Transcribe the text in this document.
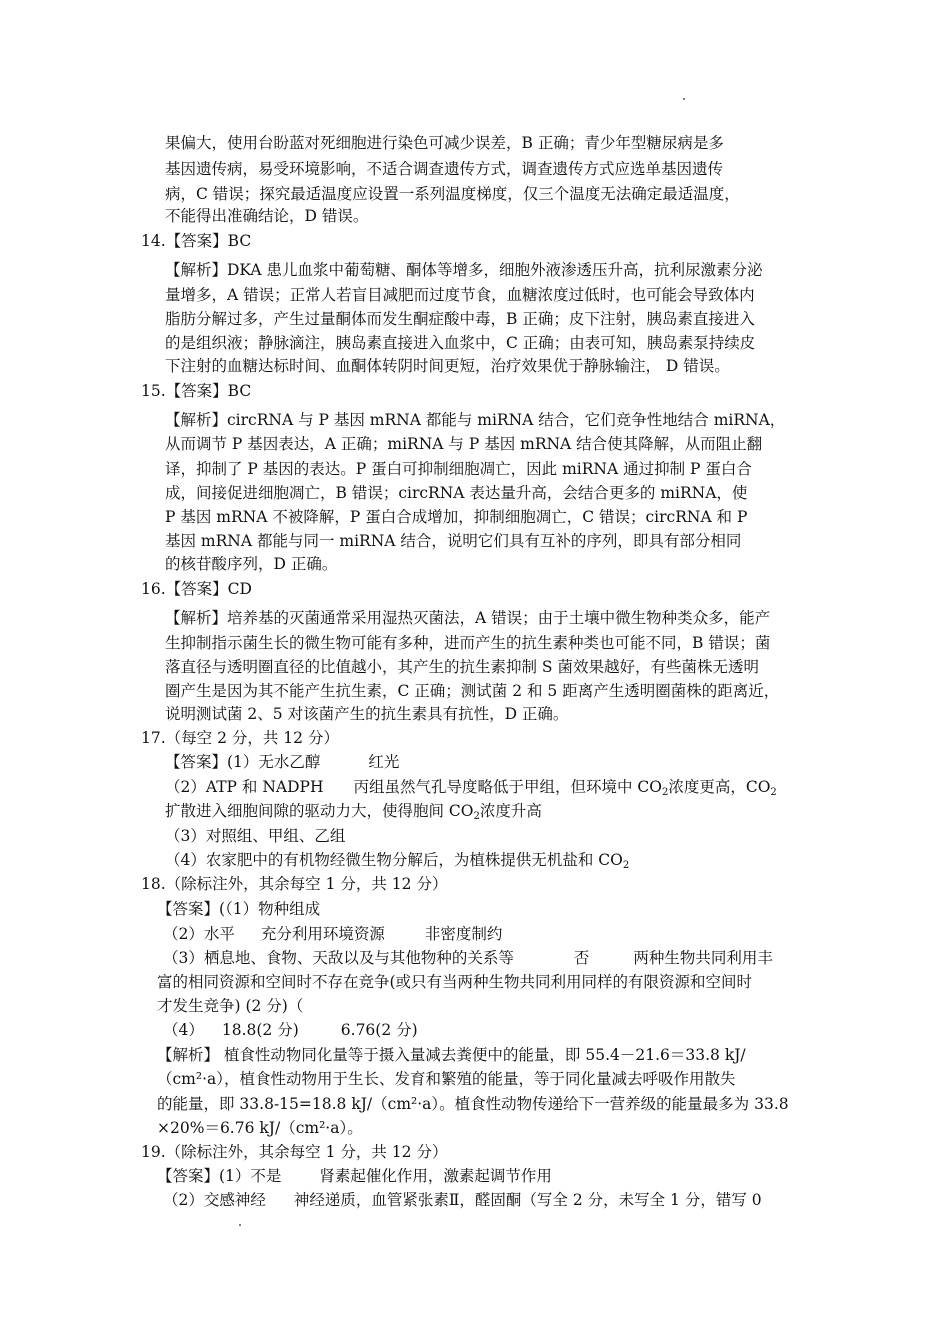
果偏大，使用台盼蓝对死细胞进行染色可减少误差，B 正确；青少年型糖尿病是多
基因遗传病，易受环境影响，不适合调查遗传方式，调查遗传方式应选单基因遗传
病，C 错误；探究最适温度应设置一系列温度梯度，仅三个温度无法确定最适温度，
不能得出准确结论，D 错误。
14.【答案】BC
【解析】DKA 患儿血浆中葡萄糖、酮体等增多，细胞外液渗透压升高，抗利尿激素分泌
量增多，A 错误；正常人若盲目减肥而过度节食，血糖浓度过低时，也可能会导致体内
脂肪分解过多，产生过量酮体而发生酮症酸中毒，B 正确；皮下注射，胰岛素直接进入
的是组织液；静脉滴注，胰岛素直接进入血浆中，C 正确；由表可知，胰岛素泵持续皮
下注射的血糖达标时间、血酮体转阴时间更短，治疗效果优于静脉输注， D 错误。
15.【答案】BC
【解析】circRNA 与 P 基因 mRNA 都能与 miRNA 结合，它们竞争性地结合 miRNA，
从而调节 P 基因表达，A 正确；miRNA 与 P 基因 mRNA 结合使其降解，从而阻止翻
译，抑制了 P 基因的表达。P 蛋白可抑制细胞凋亡，因此 miRNA 通过抑制 P 蛋白合
成，间接促进细胞凋亡，B 错误；circRNA 表达量升高，会结合更多的 miRNA，使
P 基因 mRNA 不被降解，P 蛋白合成增加，抑制细胞凋亡，C 错误；circRNA 和 P
基因 mRNA 都能与同一 miRNA 结合，说明它们具有互补的序列，即具有部分相同
的核苷酸序列，D 正确。
16.【答案】CD
【解析】培养基的灭菌通常采用湿热灭菌法，A 错误；由于土壤中微生物种类众多，能产
生抑制指示菌生长的微生物可能有多种，进而产生的抗生素种类也可能不同，B 错误；菌
落直径与透明圈直径的比值越小，其产生的抗生素抑制 S 菌效果越好，有些菌株无透明
圈产生是因为其不能产生抗生素，C 正确；测试菌 2 和 5 距离产生透明圈菌株的距离近，
说明测试菌 2、5 对该菌产生的抗生素具有抗性，D 正确。
17.（每空 2 分，共 12 分）
【答案】(1）无水乙醇	红光
（2）ATP 和 NADPH 丙组虽然气孔导度略低于甲组，但环境中 $CO_2$浓度更高，$CO_2$
扩散进入细胞间隙的驱动力大，使得胞间 $CO_2$浓度升高
（3）对照组、甲组、乙组
（4）农家肥中的有机物经微生物分解后，为植株提供无机盐和 $CO_2$
18.（除标注外，其余每空 1 分，共 12 分）
【答案】(（1）物种组成
（2）水平 充分利用环境资源	非密度制约
（3）栖息地、食物、天敌以及与其他物种的关系等	否	两种生物共同利用丰
富的相同资源和空间时不存在竞争(或只有当两种生物共同利用同样的有限资源和空间时
才发生竞争) (2 分)（
（4） 18.8(2 分)	6.76(2 分)
【解析】 植食性动物同化量等于摄入量减去粪便中的能量，即 55.4－21.6＝33.8 kJ/
（cm²·a），植食性动物用于生长、发育和繁殖的能量，等于同化量减去呼吸作用散失
的能量，即 33.8-15=18.8 kJ/（cm²·a）。植食性动物传递给下一营养级的能量最多为 33.8
×20%＝6.76 kJ/（cm²·a）。
19.（除标注外，其余每空 1 分，共 12 分）
【答案】(1）不是 肾素起催化作用，激素起调节作用
（2）交感神经 神经递质，血管紧张素Ⅱ，醛固酮（写全 2 分，未写全 1 分，错写 0
